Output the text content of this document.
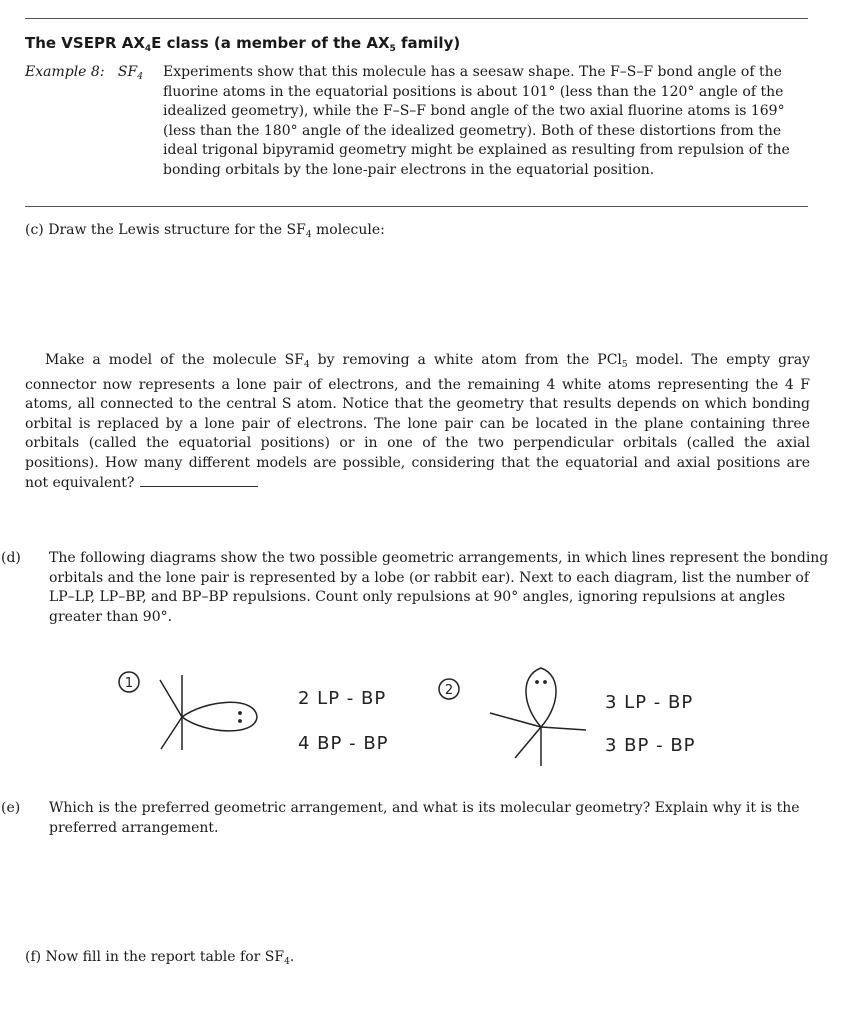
The VSEPR $AX_4E$ class (a member of the $AX_5$ family)
Example 8: $SF_4$ Experiments show that this molecule has a seesaw shape. The F–S–F bond angle of the fluorine atoms in the equatorial positions is about 101° (less than the 120° angle of the idealized geometry), while the F–S–F bond angle of the two axial fluorine atoms is 169° (less than the 180° angle of the idealized geometry). Both of these distortions from the ideal trigonal bipyramid geometry might be explained as resulting from repulsion of the bonding orbitals by the lone-pair electrons in the equatorial position.
(c) Draw the Lewis structure for the $SF_4$ molecule:
Make a model of the molecule $SF_4$ by removing a white atom from the PCl$_5$ model. The empty gray connector now represents a lone pair of electrons, and the remaining 4 white atoms representing the 4 F atoms, all connected to the central S atom. Notice that the geometry that results depends on which bonding orbital is replaced by a lone pair of electrons. The lone pair can be located in the plane containing three orbitals (called the equatorial positions) or in one of the two perpendicular orbitals (called the axial positions). How many different models are possible, considering that the equatorial and axial positions are not equivalent?
(d) The following diagrams show the two possible geometric arrangements, in which lines represent the bonding orbitals and the lone pair is represented by a lobe (or rabbit ear). Next to each diagram, list the number of LP–LP, LP–BP, and BP–BP repulsions. Count only repulsions at 90° angles, ignoring repulsions at angles greater than 90°.
1
2 LP - BP
4 BP - BP
2
3 LP - BP
3 BP - BP
(e) Which is the preferred geometric arrangement, and what is its molecular geometry? Explain why it is the preferred arrangement.
(f) Now fill in the report table for $SF_4$.
